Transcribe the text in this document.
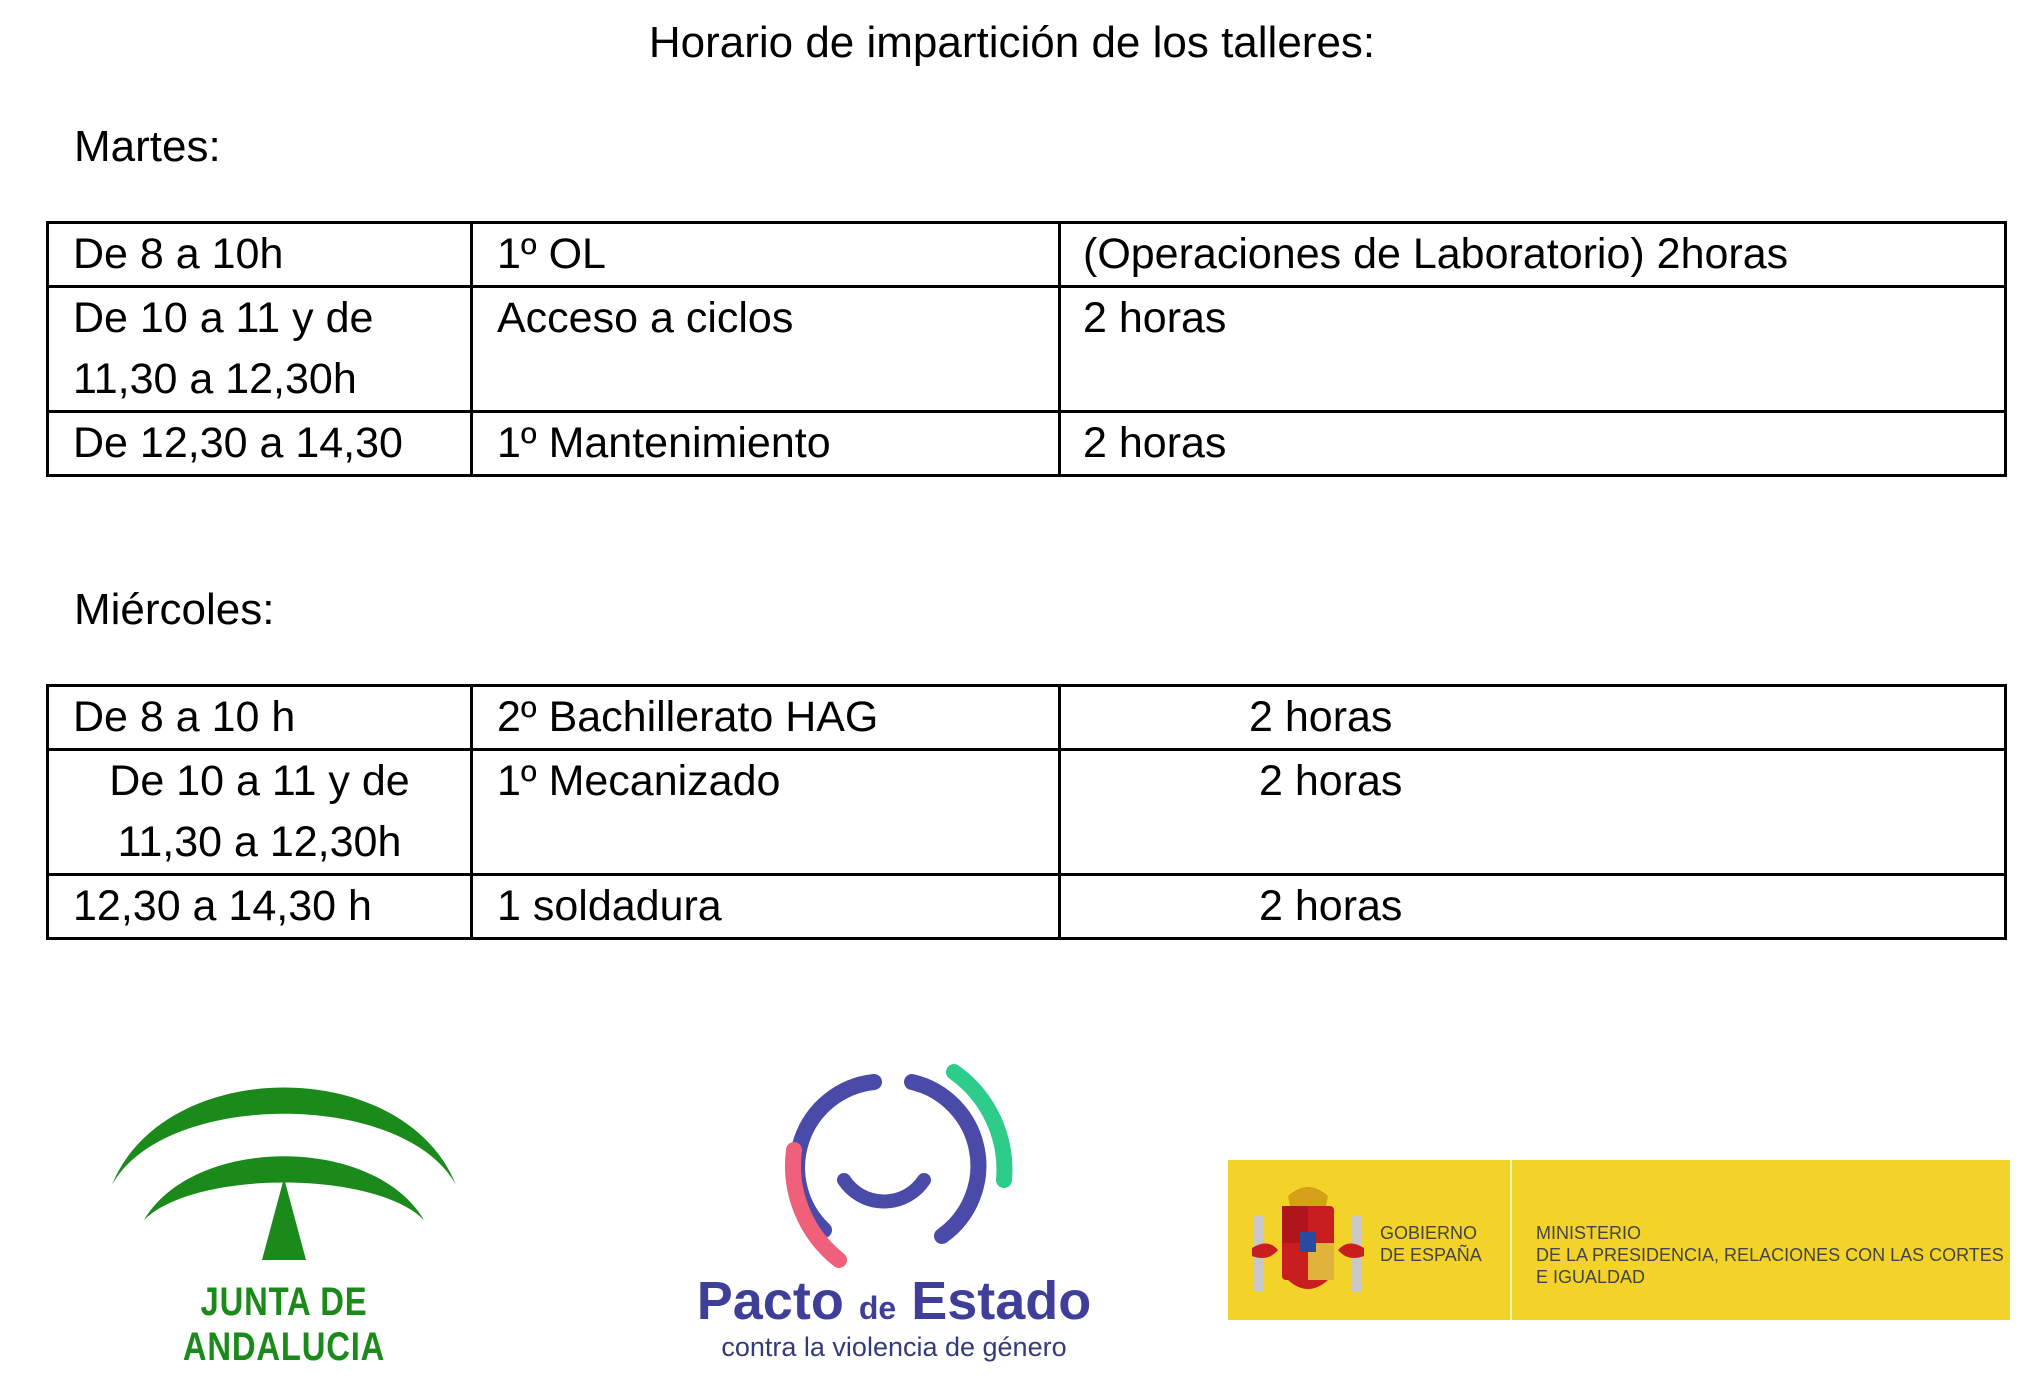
Horario de impartición de los talleres:
Martes:
De 8 a 10h	1º OL	(Operaciones de Laboratorio) 2horas

De 10 a 11 y de
11,30 a 12,30h	Acceso a ciclos	2 horas

De 12,30 a 14,30	1º Mantenimiento	2 horas
Miércoles:
De 8 a 10 h	2º Bachillerato HAG	2 horas

De 10 a 11 y de
11,30 a 12,30h	1º Mecanizado	2 horas

12,30 a 14,30 h	1 soldadura	2 horas
JUNTA DE ANDALUCIA
Pacto de Estado
contra la violencia de género
GOBIERNO
DE ESPAÑA
MINISTERIO
DE LA PRESIDENCIA, RELACIONES CON LAS CORTES
E IGUALDAD
